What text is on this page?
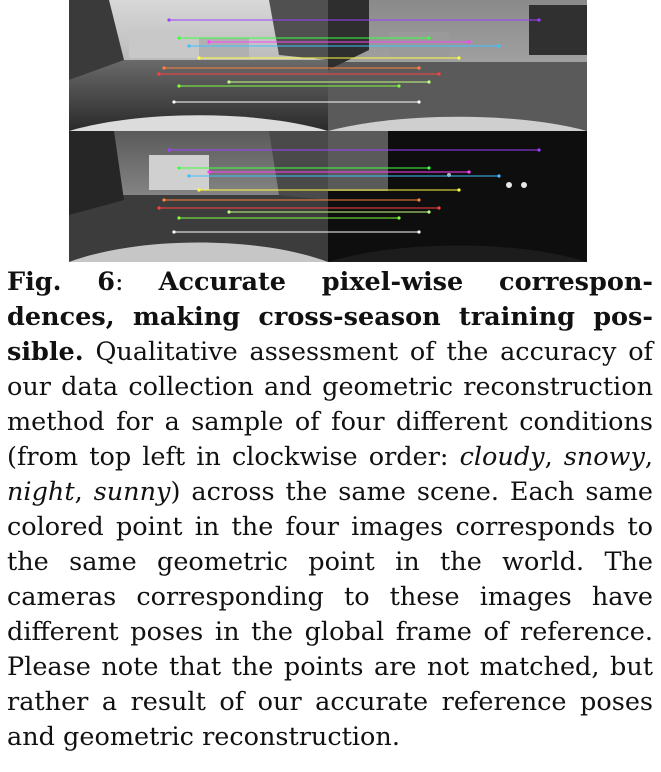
Fig. 6: Accurate pixel-wise correspon- dences, making cross-season training pos- sible. Qualitative assessment of the accuracy of our data collection and geometric reconstruction method for a sample of four different conditions (from top left in clockwise order: cloudy, snowy, night, sunny) across the same scene. Each same colored point in the four images corresponds to the same geometric point in the world. The cameras corresponding to these images have different poses in the global frame of reference. Please note that the points are not matched, but rather a result of our accurate reference poses and geometric reconstruction.
